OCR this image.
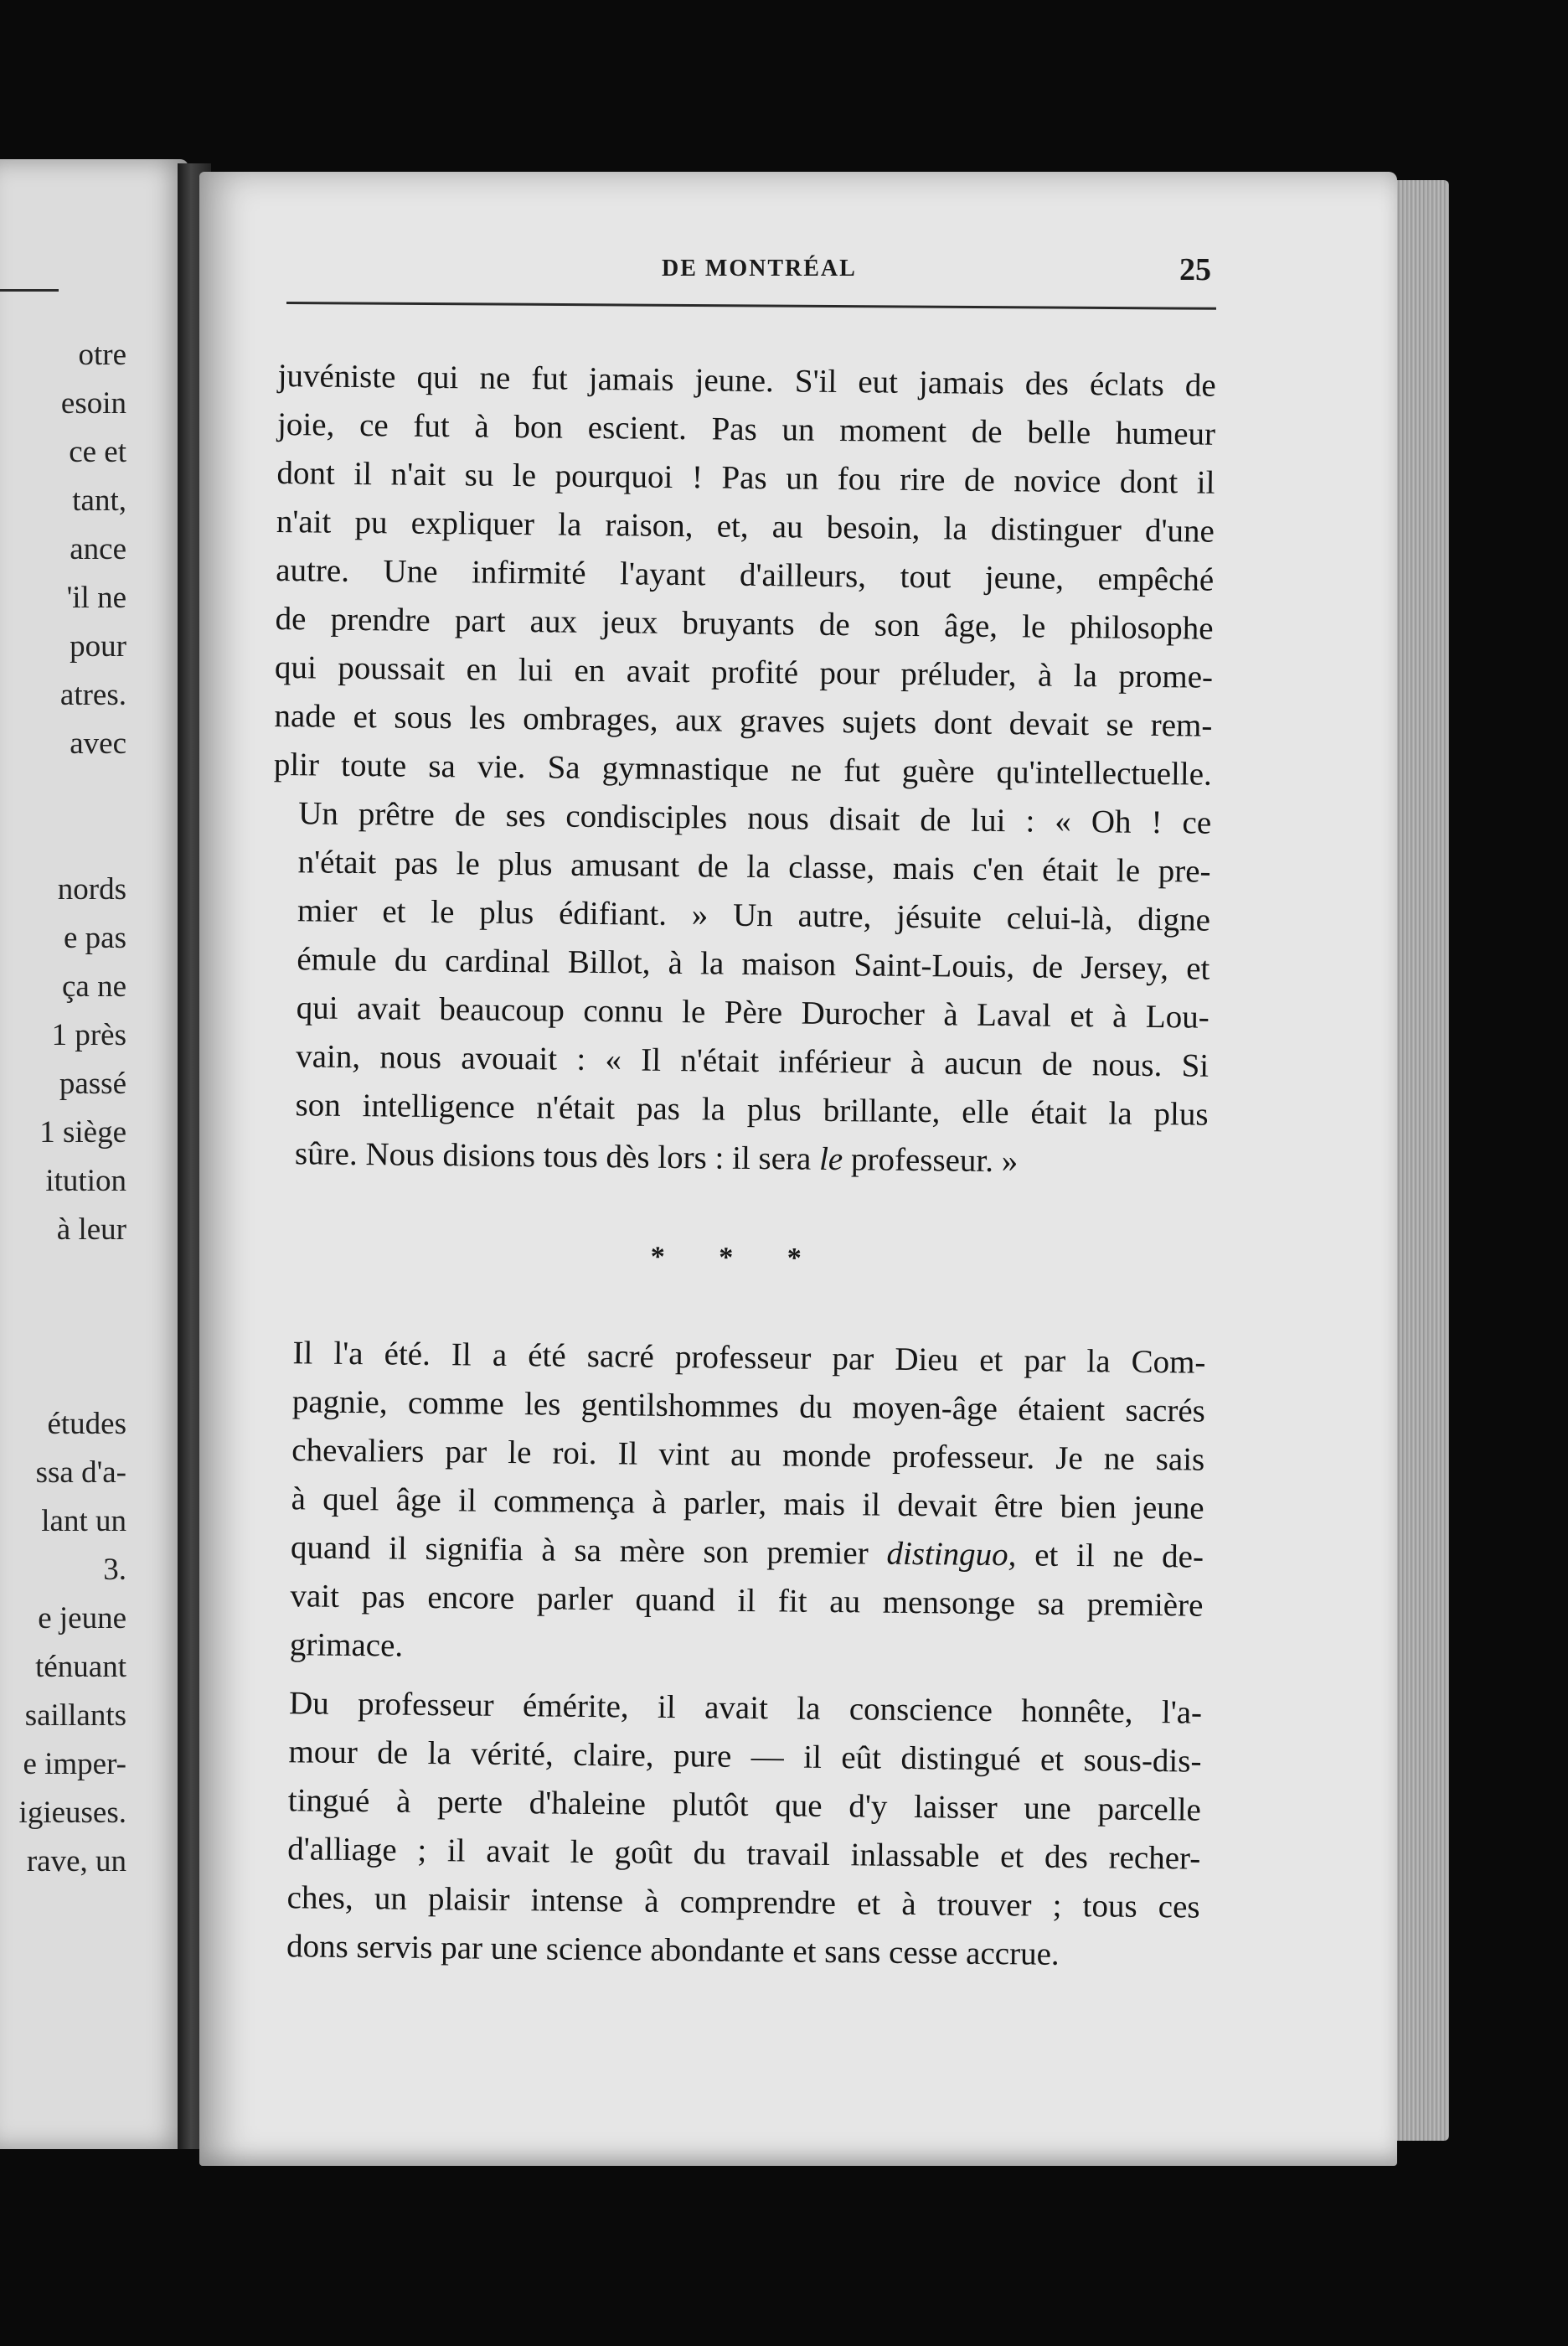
otre
esoin
ce et
tant,
ance
'il ne
pour
atres.
avec
nords
e pas
ça ne
1 près
passé
1 siège
itution
à leur
études
ssa d'a-
lant un
3.
e jeune
ténuant
saillants
e imper-
igieuses.
rave, un
DE MONTRÉAL	25
juvéniste qui ne fut jamais jeune. S'il eut jamais des éclats de
joie, ce fut à bon escient. Pas un moment de belle humeur
dont il n'ait su le pourquoi ! Pas un fou rire de novice dont il
n'ait pu expliquer la raison, et, au besoin, la distinguer d'une
autre. Une infirmité l'ayant d'ailleurs, tout jeune, empêché
de prendre part aux jeux bruyants de son âge, le philosophe
qui poussait en lui en avait profité pour préluder, à la prome-
nade et sous les ombrages, aux graves sujets dont devait se rem-
plir toute sa vie. Sa gymnastique ne fut guère qu'intellectuelle.
Un prêtre de ses condisciples nous disait de lui : « Oh ! ce
n'était pas le plus amusant de la classe, mais c'en était le pre-
mier et le plus édifiant. » Un autre, jésuite celui-là, digne
émule du cardinal Billot, à la maison Saint-Louis, de Jersey, et
qui avait beaucoup connu le Père Durocher à Laval et à Lou-
vain, nous avouait : « Il n'était inférieur à aucun de nous. Si
son intelligence n'était pas la plus brillante, elle était la plus
sûre. Nous disions tous dès lors : il sera le professeur. »
* * *
Il l'a été. Il a été sacré professeur par Dieu et par la Com-
pagnie, comme les gentilshommes du moyen-âge étaient sacrés
chevaliers par le roi. Il vint au monde professeur. Je ne sais
à quel âge il commença à parler, mais il devait être bien jeune
quand il signifia à sa mère son premier distinguo, et il ne de-
vait pas encore parler quand il fit au mensonge sa première
grimace.
Du professeur émérite, il avait la conscience honnête, l'a-
mour de la vérité, claire, pure — il eût distingué et sous-dis-
tingué à perte d'haleine plutôt que d'y laisser une parcelle
d'alliage ; il avait le goût du travail inlassable et des recher-
ches, un plaisir intense à comprendre et à trouver ; tous ces
dons servis par une science abondante et sans cesse accrue.
